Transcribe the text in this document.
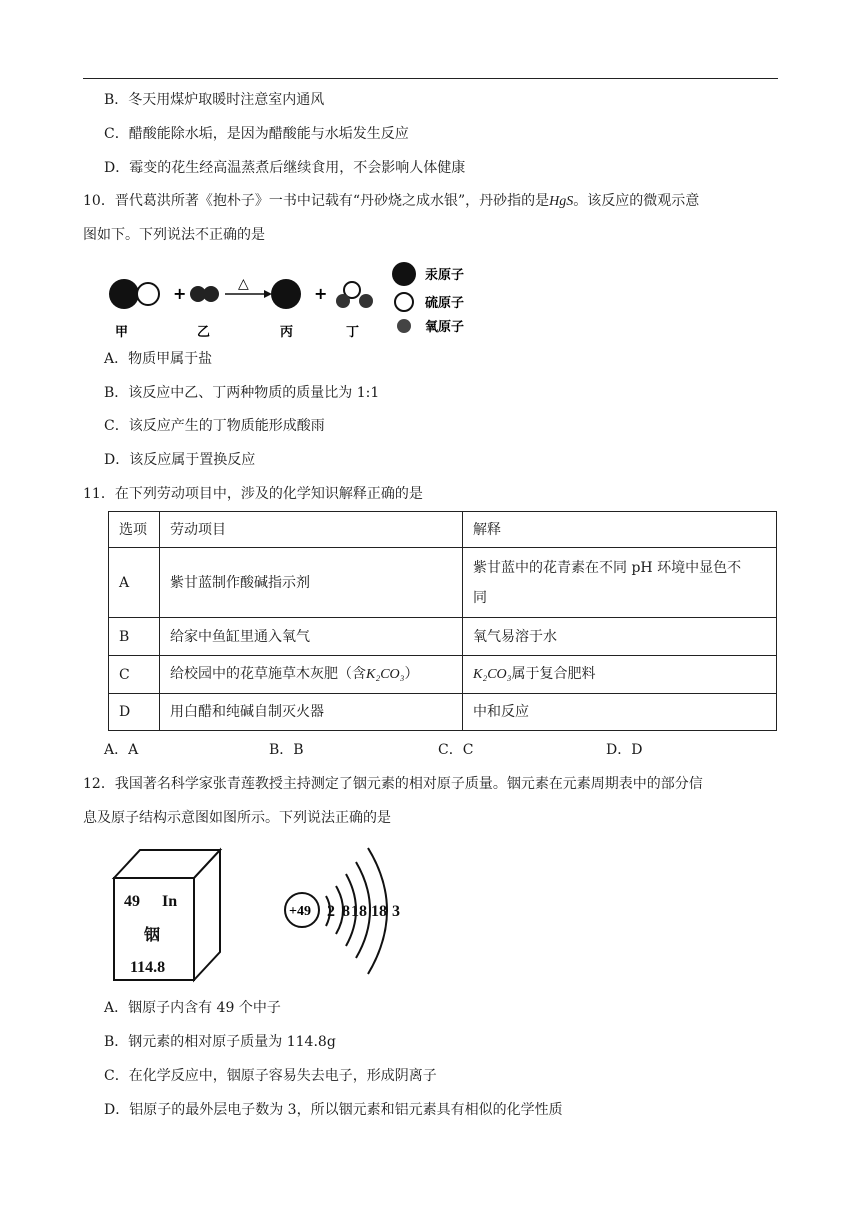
B．冬天用煤炉取暖时注意室内通风
C．醋酸能除水垢，是因为醋酸能与水垢发生反应
D．霉变的花生经高温蒸煮后继续食用，不会影响人体健康
10．晋代葛洪所著《抱朴子》一书中记载有“丹砂烧之成水银”，丹砂指的是HgS。该反应的微观示意
图如下。下列说法不正确的是
+	△	+
甲	乙	丙	丁
汞原子
硫原子
氧原子
A．物质甲属于盐
B．该反应中乙、丁两种物质的质量比为 1:1
C．该反应产生的丁物质能形成酸雨
D．该反应属于置换反应
11．在下列劳动项目中，涉及的化学知识解释正确的是
选项	劳动项目	解释
A	紫甘蓝制作酸碱指示剂	紫甘蓝中的花青素在不同 pH 环境中显色不
同

B	给家中鱼缸里通入氧气	氧气易溶于水
C	给校园中的花草施草木灰肥（含K₂CO₃）	K₂CO₃属于复合肥料
D	用白醋和纯碱自制灭火器	中和反应
A．A	B．B	C．C	D．D
12．我国著名科学家张青莲教授主持测定了铟元素的相对原子质量。铟元素在元素周期表中的部分信
息及原子结构示意图如图所示。下列说法正确的是
49 In
铟
114.8
+49 2 8 18 18 3
A．铟原子内含有 49 个中子
B．钢元素的相对原子质量为 114.8g
C．在化学反应中，铟原子容易失去电子，形成阴离子
D．铝原子的最外层电子数为 3，所以铟元素和铝元素具有相似的化学性质
